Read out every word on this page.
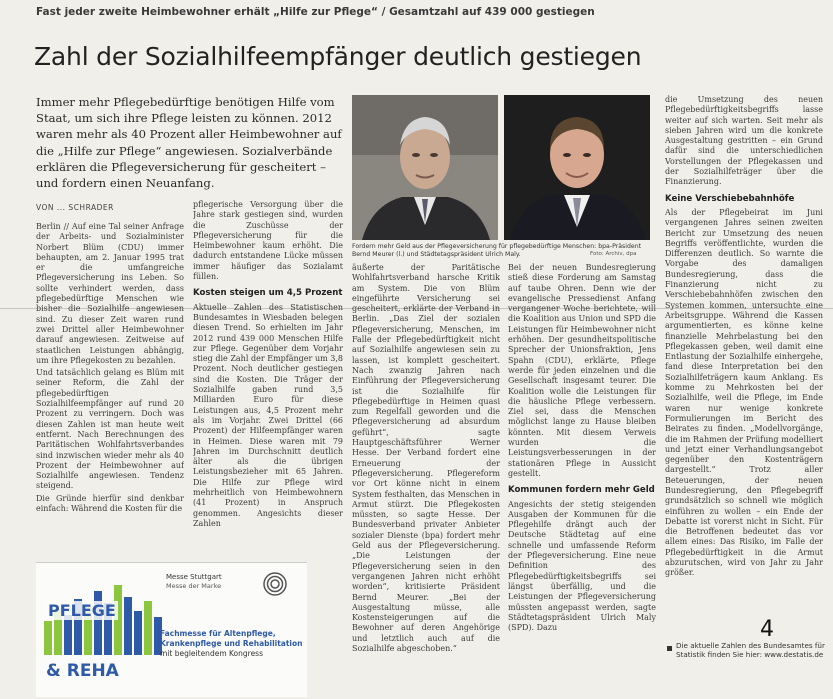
Fast jeder zweite Heimbewohner erhält „Hilfe zur Pflege“ / Gesamtzahl auf 439 000 gestiegen
Zahl der Sozialhilfeempfänger deutlich gestiegen
Immer mehr Pflegebedürftige benötigen Hilfe vom Staat, um sich ihre Pflege leisten zu können. 2012 waren mehr als 40 Prozent aller Heimbewohner auf die „Hilfe zur Pflege“ angewiesen. Sozialverbände erklären die Pflegeversicherung für gescheitert – und fordern einen Neuanfang.
VON ... SCHRADER

Berlin // Auf eine Tal seiner Anfrage der Arbeits- und Sozialminister Norbert Blüm (CDU) immer behaupten, am 2. Januar 1995 trat er die umfangreiche Pflegeversicherung ins Leben. So sollte verhindert werden, dass pflegebedürftige Menschen wie bisher die Sozialhilfe angewiesen sind. Zu dieser Zeit waren rund zwei Drittel aller Heimbewohner darauf angewiesen. Zeitweise auf staatlichen Leistungen abhängig, um ihre Pflegekosten zu bezahlen.

Und tatsächlich gelang es Blüm mit seiner Reform, die Zahl der pflegebedürftigen Sozialhilfeempfänger auf rund 20 Prozent zu verringern. Doch was diesen Zahlen ist man heute weit entfernt. Nach Berechnungen des Paritätischen Wohlfahrtsverbandes sind inzwischen wieder mehr als 40 Prozent der Heimbewohner auf Sozialhilfe angewiesen. Tendenz steigend.

Die Gründe hierfür sind denkbar einfach: Während die Kosten für die

pflegerische Versorgung über die Jahre stark gestiegen sind, wurden die Zuschüsse der Pflegeversicherung für die Heimbewohner kaum erhöht. Die dadurch entstandene Lücke müssen immer häufiger das Sozialamt füllen.

Kosten steigen um 4,5 Prozent

Aktuelle Zahlen des Statistischen Bundesamtes in Wiesbaden belegen diesen Trend. So erhielten im Jahr 2012 rund 439 000 Menschen Hilfe zur Pflege. Gegenüber dem Vorjahr stieg die Zahl der Empfänger um 3,8 Prozent. Noch deutlicher gestiegen sind die Kosten. Die Träger der Sozialhilfe gaben rund 3,5 Milliarden Euro für diese Leistungen aus, 4,5 Prozent mehr als im Vorjahr. Zwei Drittel (66 Prozent) der Hilfeempfänger waren in Heimen. Diese waren mit 79 Jahren im Durchschnitt deutlich älter als die übrigen Leistungsbezieher mit 65 Jahren. Die Hilfe zur Pflege wird mehrheitlich von Heimbewohnern (41 Prozent) in Anspruch genommen. Angesichts dieser Zahlen

Fordern mehr Geld aus der Pflegeversicherung für pflegebedürftige Menschen: bpa-Präsident Bernd Meurer (l.) und Städtetagspräsident Ulrich Maly.	Foto: Archiv, dpa

äußerte der Paritätische Wohlfahrtsverband harsche Kritik am System. Die von Blüm eingeführte Versicherung sei gescheitert, erklärte der Verband in Berlin. „Das Ziel der sozialen Pflegeversicherung, Menschen, im Falle der Pflegebedürftigkeit nicht auf Sozialhilfe angewiesen sein zu lassen, ist komplett gescheitert. Nach zwanzig Jahren nach Einführung der Pflegeversicherung ist die Sozialhilfe für Pflegebedürftige in Heimen quasi zum Regelfall geworden und die Pflegeversicherung ad absurdum geführt“, sagte Hauptgeschäftsführer Werner Hesse. Der Verband fordert eine Erneuerung der Pflegeversicherung. Pflegereform vor Ort könne nicht in einem System festhalten, das Menschen in Armut stürzt. Die Pflegekosten müssten, so sagte Hesse. Der Bundesverband privater Anbieter sozialer Dienste (bpa) fordert mehr Geld aus der Pflegeversicherung. „Die Leistungen der Pflegeversicherung seien in den vergangenen Jahren nicht erhöht worden“, kritisierte Präsident Bernd Meurer. „Bei der Ausgestaltung müsse, alle Kostensteigerungen auf die Bewohner auf deren Angehörige und letztlich auch auf die Sozialhilfe abgeschoben.“

Bei der neuen Bundesregierung stieß diese Forderung am Samstag auf taube Ohren. Denn wie der evangelische Pressedienst Anfang vergangener Woche berichtete, will die Koalition aus Union und SPD die Leistungen für Heimbewohner nicht erhöhen. Der gesundheitspolitische Sprecher der Unionsfraktion, Jens Spahn (CDU), erklärte, Pflege werde für jeden einzelnen und die Gesellschaft insgesamt teurer. Die Koalition wolle die Leistungen für die häusliche Pflege verbessern. Ziel sei, dass die Menschen möglichst lange zu Hause bleiben könnten. Mit diesem Verweis wurden die Leistungsverbesserungen in der stationären Pflege in Aussicht gestellt.

Kommunen fordern mehr Geld

Angesichts der stetig steigenden Ausgaben der Kommunen für die Pflegehilfe drängt auch der Deutsche Städtetag auf eine schnelle und umfassende Reform der Pflegeversicherung. Eine neue Definition des Pflegebedürftigkeitsbegriffs sei längst überfällig, und die Leistungen der Pflegeversicherung müssten angepasst werden, sagte Städtetagspräsident Ulrich Maly (SPD). Dazu

die Umsetzung des neuen Pflegebedürftigkeitsbegriffs lasse weiter auf sich warten. Seit mehr als sieben Jahren wird um die konkrete Ausgestaltung gestritten – ein Grund dafür sind die unterschiedlichen Vorstellungen der Pflegekassen und der Sozialhilfeträger über die Finanzierung.

Keine Verschiebebahnhöfe

Als der Pflegebeirat im Juni vergangenen Jahres seinen zweiten Bericht zur Umsetzung des neuen Begriffs veröffentlichte, wurden die Differenzen deutlich. So warnte die Vorgabe des damaligen Bundesregierung, dass die Finanzierung nicht zu Verschiebebahnhöfen zwischen den Systemen kommen, untersuchte eine Arbeitsgruppe. Während die Kassen argumentierten, es könne keine finanzielle Mehrbelastung bei den Pflegekassen geben, weil damit eine Entlastung der Sozialhilfe einhergehe, fand diese Interpretation bei den Sozialhilfeträgern kaum Anklang. Es komme zu Mehrkosten bei der Sozialhilfe, weil die Pflege, im Ende waren nur wenige konkrete Formulierungen im Bericht des Beirates zu finden. „Modellvorgänge, die im Rahmen der Prüfung modelliert und jetzt einer Verhandlungsangebot gegenüber den Kostenträgern dargestellt.“ Trotz aller Beteuerungen, der neuen Bundesregierung, den Pflegebegriff grundsätzlich so schnell wie möglich einführen zu wollen – ein Ende der Debatte ist vorerst nicht in Sicht. Für die Betroffenen bedeutet das vor allem eines: Das Risiko, im Falle der Pflegebedürftigkeit in die Armut abzurutschen, wird von Jahr zu Jahr größer.

4
Die aktuelle Zahlen des Bundesamtes für Statistik finden Sie hier: www.destatis.de
PFLEGE
& REHA
Messe Stuttgart
Messe der Marke
Fachmesse für Altenpflege,
Krankenpflege und Rehabilitation
mit begleitendem Kongress
